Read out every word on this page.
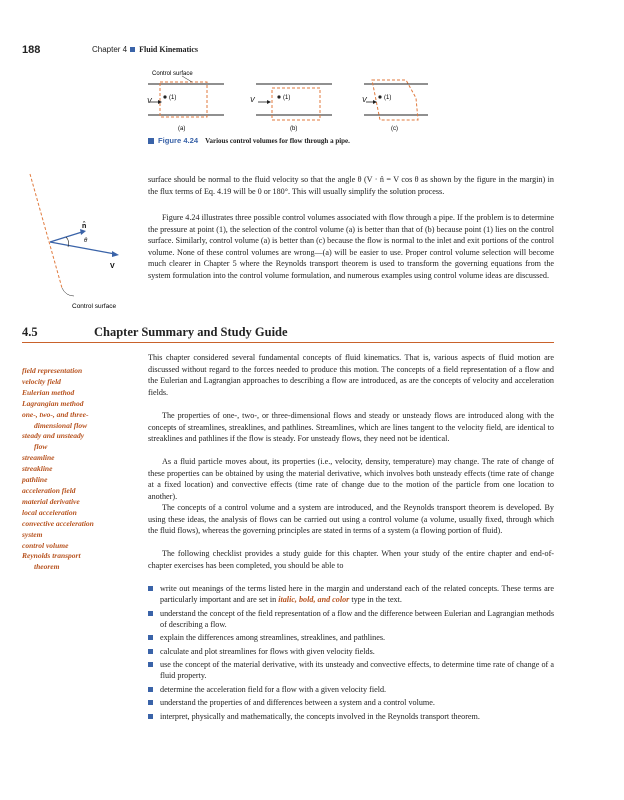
188	Chapter 4 Fluid Kinematics
V	(1)
Control surface
(a)
V	(1)
(b)
V	(1)
(c)
Figure 4.24 Various control volumes for flow through a pipe.
n̂
θ
V
Control surface

surface should be normal to the fluid velocity so that the angle θ (V · n̂ = V cos θ as shown by the figure in the margin) in the flux terms of Eq. 4.19 will be 0 or 180°. This will usually simplify the solution process.

Figure 4.24 illustrates three possible control volumes associated with flow through a pipe. If the problem is to determine the pressure at point (1), the selection of the control volume (a) is better than that of (b) because point (1) lies on the control surface. Similarly, control volume (a) is better than (c) because the flow is normal to the inlet and exit portions of the control volume. None of these control volumes are wrong—(a) will be easier to use. Proper control volume selection will become much clearer in Chapter 5 where the Reynolds transport theorem is used to transform the governing equations from the system formulation into the control volume formulation, and numerous examples using control volume ideas are discussed.

4.5	Chapter Summary and Study Guide
field representation
velocity field
Eulerian method
Lagrangian method
one-, two-, and three-
dimensional flow
steady and unsteady
flow
streamline
streakline
pathline
acceleration field
material derivative
local acceleration
convective acceleration
system
control volume
Reynolds transport
theorem

This chapter considered several fundamental concepts of fluid kinematics. That is, various aspects of fluid motion are discussed without regard to the forces needed to produce this motion. The concepts of a field representation of a flow and the Eulerian and Lagrangian approaches to describing a flow are introduced, as are the concepts of velocity and acceleration fields.

The properties of one-, two-, or three-dimensional flows and steady or unsteady flows are introduced along with the concepts of streamlines, streaklines, and pathlines. Streamlines, which are lines tangent to the velocity field, are identical to streaklines and pathlines if the flow is steady. For unsteady flows, they need not be identical.

As a fluid particle moves about, its properties (i.e., velocity, density, temperature) may change. The rate of change of these properties can be obtained by using the material derivative, which involves both unsteady effects (time rate of change at a fixed location) and convective effects (time rate of change due to the motion of the particle from one location to another).

The concepts of a control volume and a system are introduced, and the Reynolds transport theorem is developed. By using these ideas, the analysis of flows can be carried out using a control volume (a volume, usually fixed, through which the fluid flows), whereas the governing principles are stated in terms of a system (a flowing portion of fluid).

The following checklist provides a study guide for this chapter. When your study of the entire chapter and end-of-chapter exercises has been completed, you should be able to

write out meanings of the terms listed here in the margin and understand each of the related concepts. These terms are particularly important and are set in italic, bold, and color type in the text.
understand the concept of the field representation of a flow and the difference between Eulerian and Lagrangian methods of describing a flow.
explain the differences among streamlines, streaklines, and pathlines.
calculate and plot streamlines for flows with given velocity fields.
use the concept of the material derivative, with its unsteady and convective effects, to determine time rate of change of a fluid property.
determine the acceleration field for a flow with a given velocity field.
understand the properties of and differences between a system and a control volume.
interpret, physically and mathematically, the concepts involved in the Reynolds transport theorem.
